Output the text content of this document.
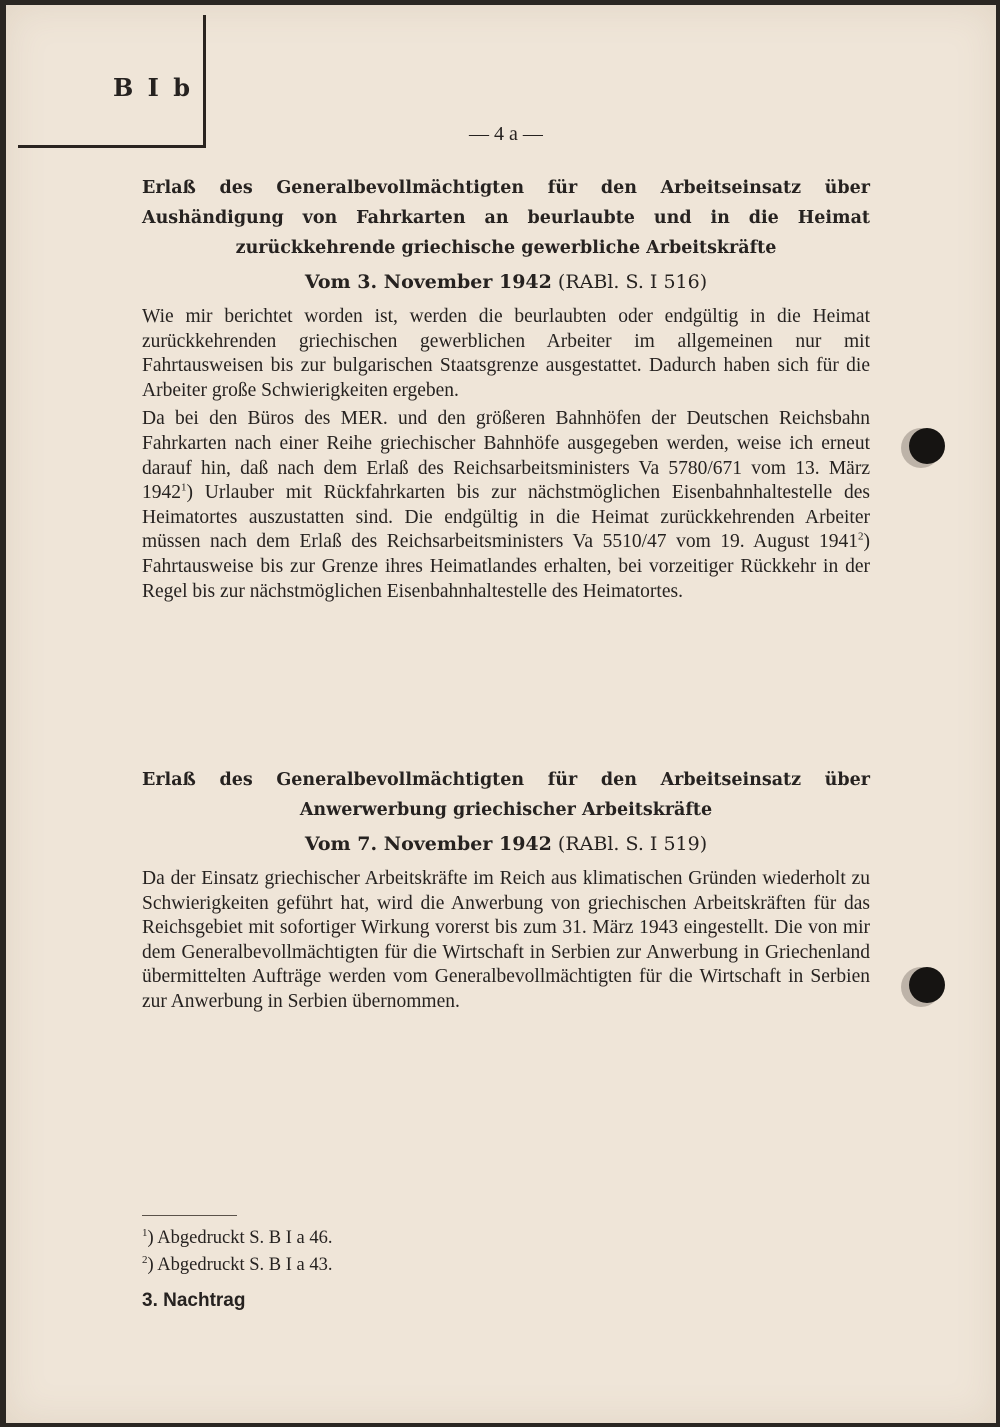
B I b
— 4 a —

Erlaß des Generalbevollmächtigten für den Arbeitseinsatz über Aushändigung von Fahrkarten an beurlaubte und in die Heimat zurückkehrende griechische gewerbliche Arbeitskräfte

Vom 3. November 1942 (RABl. S. I 516)

Wie mir berichtet worden ist, werden die beurlaubten oder endgültig in die Heimat zurückkehrenden griechischen gewerblichen Arbeiter im allgemeinen nur mit Fahrtausweisen bis zur bulgarischen Staatsgrenze ausgestattet. Dadurch haben sich für die Arbeiter große Schwierigkeiten ergeben.

Da bei den Büros des MER. und den größeren Bahnhöfen der Deutschen Reichsbahn Fahrkarten nach einer Reihe griechischer Bahnhöfe ausgegeben werden, weise ich erneut darauf hin, daß nach dem Erlaß des Reichsarbeitsministers Va 5780/671 vom 13. März 1942$^1$) Urlauber mit Rückfahrkarten bis zur nächstmöglichen Eisenbahnhaltestelle des Heimatortes auszustatten sind. Die endgültig in die Heimat zurückkehrenden Arbeiter müssen nach dem Erlaß des Reichsarbeitsministers Va 5510/47 vom 19. August 1941$^2$) Fahrtausweise bis zur Grenze ihres Heimatlandes erhalten, bei vorzeitiger Rückkehr in der Regel bis zur nächstmöglichen Eisenbahnhaltestelle des Heimatortes.

Erlaß des Generalbevollmächtigten für den Arbeitseinsatz über Anwerwerbung griechischer Arbeitskräfte

Vom 7. November 1942 (RABl. S. I 519)

Da der Einsatz griechischer Arbeitskräfte im Reich aus klimatischen Gründen wiederholt zu Schwierigkeiten geführt hat, wird die Anwerbung von griechischen Arbeitskräften für das Reichsgebiet mit sofortiger Wirkung vorerst bis zum 31. März 1943 eingestellt. Die von mir dem Generalbevollmächtigten für die Wirtschaft in Serbien zur Anwerbung in Griechenland übermittelten Aufträge werden vom Generalbevollmächtigten für die Wirtschaft in Serbien zur Anwerbung in Serbien übernommen.

$^1$) Abgedruckt S. B I a 46.
$^2$) Abgedruckt S. B I a 43.
3. Nachtrag
